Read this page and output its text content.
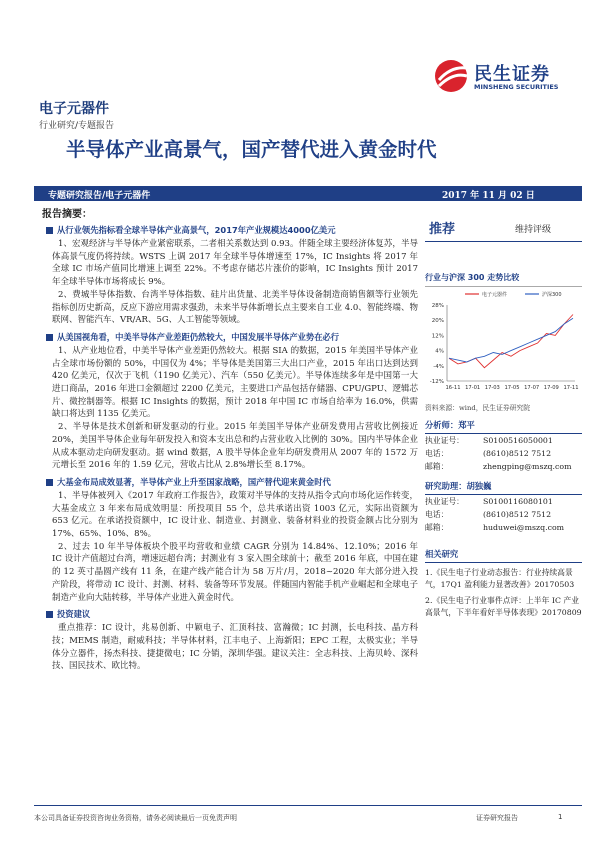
电子元器件
行业研究/专题报告
民生证券
MINSHENG SECURITIES
半导体产业高景气，国产替代进入黄金时代
专题研究报告/电子元器件	2017 年 11 月 02 日
报告摘要：
从行业领先指标看全球半导体产业高景气，2017年产业规模达4000亿美元
1、宏观经济与半导体产业紧密联系，二者相关系数达到 0.93。伴随全球主要经济体复苏，半导体高景气度仍将持续。WSTS 上调 2017 年全球半导体增速至 17%，IC Insights 将 2017 年全球 IC 市场产值同比增速上调至 22%。不考虑存储芯片涨价的影响，IC Insights 预计 2017 年全球半导体市场将成长 9%。
2、费城半导体指数、台湾半导体指数、硅片出货量、北美半导体设备制造商销售额等行业领先指标创历史新高，反应下游应用需求强劲，未来半导体新增长点主要来自工业 4.0、智能终端、物联网、智能汽车、VR/AR、5G、人工智能等领域。
从美国视角看，中美半导体产业差距仍然较大，中国发展半导体产业势在必行
1、从产业地位看，中美半导体产业差距仍然较大。根据 SIA 的数据，2015 年美国半导体产业占全球市场份额的 50%，中国仅为 4%；半导体是美国第三大出口产业，2015 年出口达到达到 420 亿美元，仅次于飞机（1190 亿美元）、汽车（550 亿美元）。半导体连续多年是中国第一大进口商品，2016 年进口金额超过 2200 亿美元，主要进口产品包括存储器、CPU/GPU、逻辑芯片、微控制器等。根据 IC Insights 的数据，预计 2018 年中国 IC 市场自给率为 16.0%，供需缺口将达到 1135 亿美元。
2、半导体是技术创新和研发驱动的行业。2015 年美国半导体产业研发费用占营收比例接近 20%，美国半导体企业每年研发投入和资本支出总和约占营业收入比例的 30%。国内半导体企业从成本驱动走向研发驱动。据 wind 数据，A 股半导体企业年均研发费用从 2007 年的 1572 万元增长至 2016 年的 1.59 亿元，营收占比从 2.8%增长至 8.17%。
大基金布局成效显著，半导体产业上升至国家战略，国产替代迎来黄金时代
1、半导体被列入《2017 年政府工作报告》，政策对半导体的支持从指令式向市场化运作转变，大基金成立 3 年来布局成效明显：所投项目 55 个，总共承诺出资 1003 亿元，实际出资额为 653 亿元。在承诺投资额中，IC 设计业、制造业、封测业、装备材料业的投资金额占比分别为 17%、65%、10%、8%。
2、过去 10 年半导体板块个股平均营收和业绩 CAGR 分别为 14.84%、12.10%；2016 年 IC 设计产值超过台湾，增速远超台湾；封测业有 3 家入围全球前十；截至 2016 年底，中国在建的 12 英寸晶圆产线有 11 条，在建产线产能合计为 58 万片/月，2018~2020 年大部分进入投产阶段，将带动 IC 设计、封测、材料、装备等环节发展。伴随国内智能手机产业崛起和全球电子制造产业向大陆转移，半导体产业进入黄金时代。
投资建议
重点推荐：IC 设计，兆易创新、中颖电子、汇顶科技、富瀚微；IC 封测，长电科技、晶方科技；MEMS 制造，耐威科技；半导体材料，江丰电子、上海新阳；EPC 工程，太极实业；半导体分立器件，扬杰科技、捷捷微电；IC 分销，深圳华强。建议关注：全志科技、上海贝岭、深科技、国民技术、欧比特。
推荐	维持评级
行业与沪深 300 走势比较
电子元器件	沪深300
28%
20%
12%
4%
-4%
-12%
16-11 17-01 17-03 17-05 17-07 17-09 17-11
资料来源：wind，民生证券研究院
分析师：郑平
执业证号：	S0100516050001
电话：	(8610)8512 7512
邮箱：	zhengping@mszq.com
研究助理：胡独巍
执业证号：	S0100116080101
电话：	(8610)8512 7512
邮箱：	huduwei@mszq.com
相关研究
1.《民生电子行业动态报告：行业持续高景气，17Q1 盈利能力显著改善》20170503
2.《民生电子行业事件点评：上半年 IC 产业高景气，下半年看好半导体表现》20170809
本公司具备证券投资咨询业务资格，请务必阅读最后一页免责声明	证券研究报告	1
